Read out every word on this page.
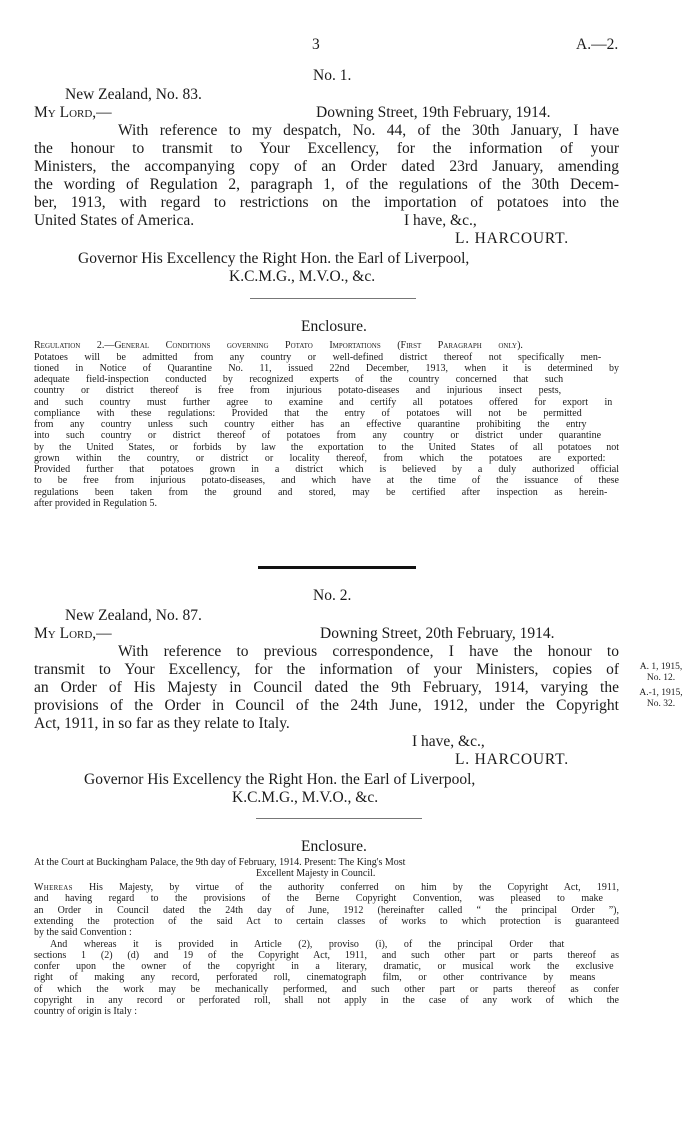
3	A.—2.
No. 1.
New Zealand, No. 83.
My Lord,—	Downing Street, 19th February, 1914.
With reference to my despatch, No. 44, of the 30th January, I have
the honour to transmit to Your Excellency, for the information of your
Ministers, the accompanying copy of an Order dated 23rd January, amending
the wording of Regulation 2, paragraph 1, of the regulations of the 30th Decem-
ber, 1913, with regard to restrictions on the importation of potatoes into the
United States of America.	I have, &c.,
L. HARCOURT.
Governor His Excellency the Right Hon. the Earl of Liverpool,
K.C.M.G., M.V.O., &c.
Enclosure.
Regulation 2.—General Conditions governing Potato Importations (First Paragraph only).
Potatoes will be admitted from any country or well-defined district thereof not specifically men-
tioned in Notice of Quarantine No. 11, issued 22nd December, 1913, when it is determined by
adequate field-inspection conducted by recognized experts of the country concerned that such
country or district thereof is free from injurious potato-diseases and injurious insect pests,
and such country must further agree to examine and certify all potatoes offered for export in
compliance with these regulations: Provided that the entry of potatoes will not be permitted
from any country unless such country either has an effective quarantine prohibiting the entry
into such country or district thereof of potatoes from any country or district under quarantine
by the United States, or forbids by law the exportation to the United States of all potatoes not
grown within the country, or district or locality thereof, from which the potatoes are exported:
Provided further that potatoes grown in a district which is believed by a duly authorized official
to be free from injurious potato-diseases, and which have at the time of the issuance of these
regulations been taken from the ground and stored, may be certified after inspection as herein-
after provided in Regulation 5.
No. 2.
New Zealand, No. 87.
My Lord,—	Downing Street, 20th February, 1914.
With reference to previous correspondence, I have the honour to
transmit to Your Excellency, for the information of your Ministers, copies of
an Order of His Majesty in Council dated the 9th February, 1914, varying the
provisions of the Order in Council of the 24th June, 1912, under the Copyright
Act, 1911, in so far as they relate to Italy.
A. 1, 1915,
No. 12.
A.-1, 1915,
No. 32.
I have, &c.,
L. HARCOURT.
Governor His Excellency the Right Hon. the Earl of Liverpool,
K.C.M.G., M.V.O., &c.
Enclosure.
At the Court at Buckingham Palace, the 9th day of February, 1914. Present: The King's Most
Excellent Majesty in Council.
Whereas His Majesty, by virtue of the authority conferred on him by the Copyright Act, 1911,
and having regard to the provisions of the Berne Copyright Convention, was pleased to make
an Order in Council dated the 24th day of June, 1912 (hereinafter called “ the principal Order ”),
extending the protection of the said Act to certain classes of works to which protection is guaranteed
by the said Convention :
And whereas it is provided in Article (2), proviso (i), of the principal Order that
sections 1 (2) (d) and 19 of the Copyright Act, 1911, and such other part or parts thereof as
confer upon the owner of the copyright in a literary, dramatic, or musical work the exclusive
right of making any record, perforated roll, cinematograph film, or other contrivance by means
of which the work may be mechanically performed, and such other part or parts thereof as confer
copyright in any record or perforated roll, shall not apply in the case of any work of which the
country of origin is Italy :
